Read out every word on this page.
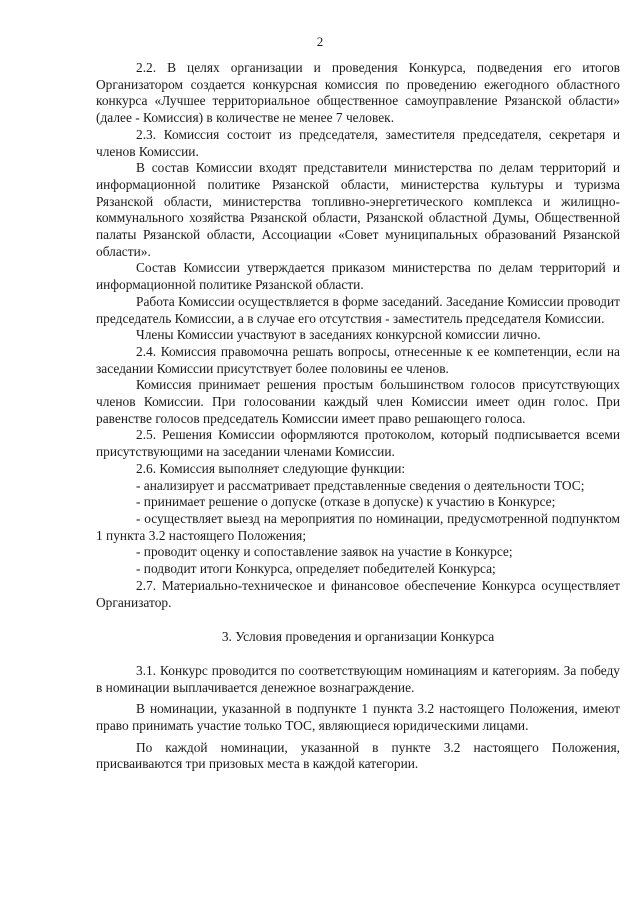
2

2.2. В целях организации и проведения Конкурса, подведения его итогов Организатором создается конкурсная комиссия по проведению ежегодного областного конкурса «Лучшее территориальное общественное самоуправление Рязанской области» (далее - Комиссия) в количестве не менее 7 человек.

2.3. Комиссия состоит из председателя, заместителя председателя, секретаря и членов Комиссии.

В состав Комиссии входят представители министерства по делам территорий и информационной политике Рязанской области, министерства культуры и туризма Рязанской области, министерства топливно-энергетического комплекса и жилищно-коммунального хозяйства Рязанской области, Рязанской областной Думы, Общественной палаты Рязанской области, Ассоциации «Совет муниципальных образований Рязанской области».

Состав Комиссии утверждается приказом министерства по делам территорий и информационной политике Рязанской области.

Работа Комиссии осуществляется в форме заседаний. Заседание Комиссии проводит председатель Комиссии, а в случае его отсутствия - заместитель председателя Комиссии.

Члены Комиссии участвуют в заседаниях конкурсной комиссии лично.

2.4. Комиссия правомочна решать вопросы, отнесенные к ее компетенции, если на заседании Комиссии присутствует более половины ее членов.

Комиссия принимает решения простым большинством голосов присутствующих членов Комиссии. При голосовании каждый член Комиссии имеет один голос. При равенстве голосов председатель Комиссии имеет право решающего голоса.

2.5. Решения Комиссии оформляются протоколом, который подписывается всеми присутствующими на заседании членами Комиссии.

2.6. Комиссия выполняет следующие функции:

- анализирует и рассматривает представленные сведения о деятельности ТОС;

- принимает решение о допуске (отказе в допуске) к участию в Конкурсе;

- осуществляет выезд на мероприятия по номинации, предусмотренной подпунктом 1 пункта 3.2 настоящего Положения;

- проводит оценку и сопоставление заявок на участие в Конкурсе;

- подводит итоги Конкурса, определяет победителей Конкурса;

2.7. Материально-техническое и финансовое обеспечение Конкурса осуществляет Организатор.

3. Условия проведения и организации Конкурса

3.1. Конкурс проводится по соответствующим номинациям и категориям. За победу в номинации выплачивается денежное вознаграждение.

В номинации, указанной в подпункте 1 пункта 3.2 настоящего Положения, имеют право принимать участие только ТОС, являющиеся юридическими лицами.

По каждой номинации, указанной в пункте 3.2 настоящего Положения, присваиваются три призовых места в каждой категории.
